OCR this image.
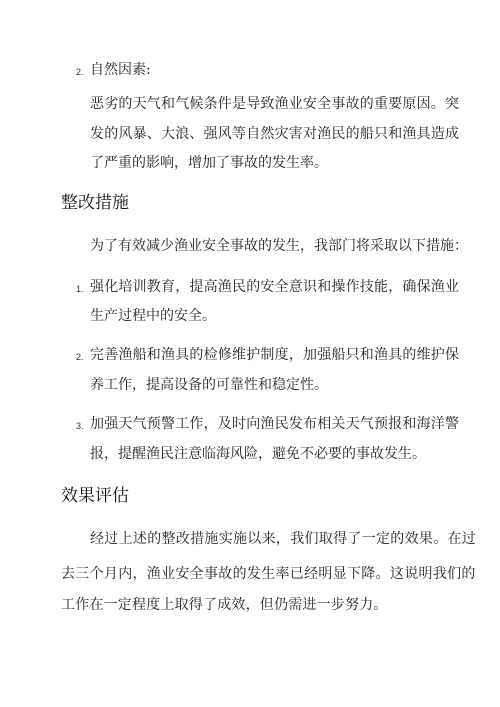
2. 自然因素:
恶劣的天气和气候条件是导致渔业安全事故的重要原因。突
发的风暴、大浪、强风等自然灾害对渔民的船只和渔具造成
了严重的影响，增加了事故的发生率。
整改措施
为了有效减少渔业安全事故的发生，我部门将采取以下措施：
1. 强化培训教育，提高渔民的安全意识和操作技能，确保渔业
生产过程中的安全。
2. 完善渔船和渔具的检修维护制度，加强船只和渔具的维护保
养工作，提高设备的可靠性和稳定性。
3. 加强天气预警工作，及时向渔民发布相关天气预报和海洋警
报，提醒渔民注意临海风险，避免不必要的事故发生。
效果评估
经过上述的整改措施实施以来，我们取得了一定的效果。在过
去三个月内，渔业安全事故的发生率已经明显下降。这说明我们的
工作在一定程度上取得了成效，但仍需进一步努力。
